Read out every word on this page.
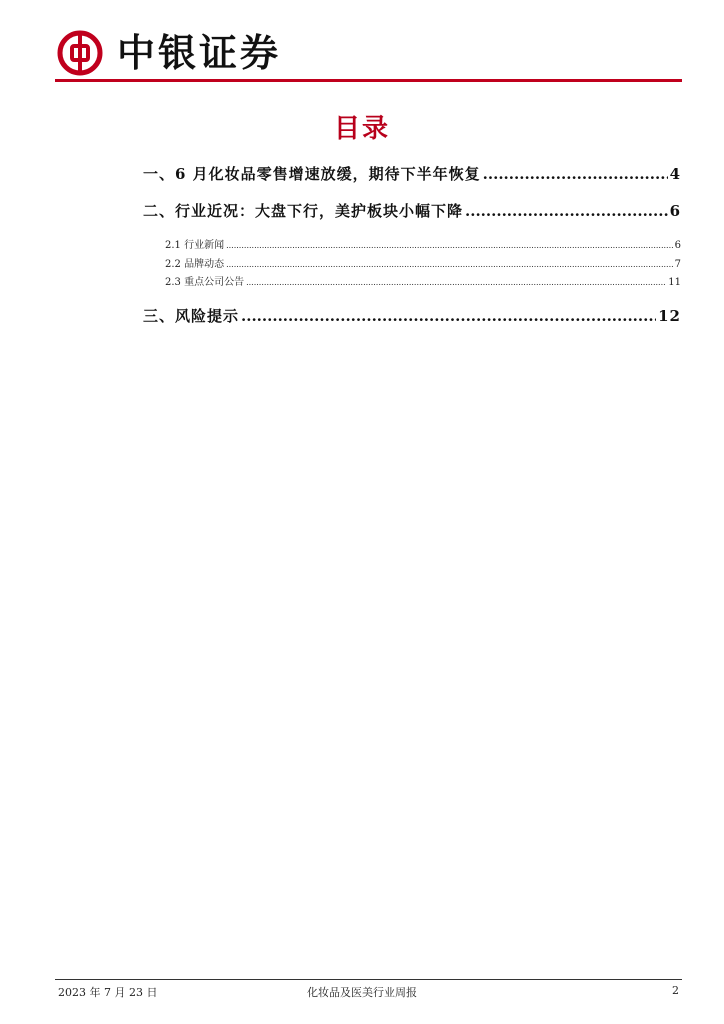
中银证券
目录
一、6 月化妆品零售增速放缓，期待下半年恢复 .....	4
二、行业近况：大盘下行，美护板块小幅下降 .....	6
2.1 行业新闻 .....	6
2.2 品牌动态 .....	7
2.3 重点公司公告 .....	11
三、风险提示 .....	12
2023 年 7 月 23 日	化妆品及医美行业周报	2
